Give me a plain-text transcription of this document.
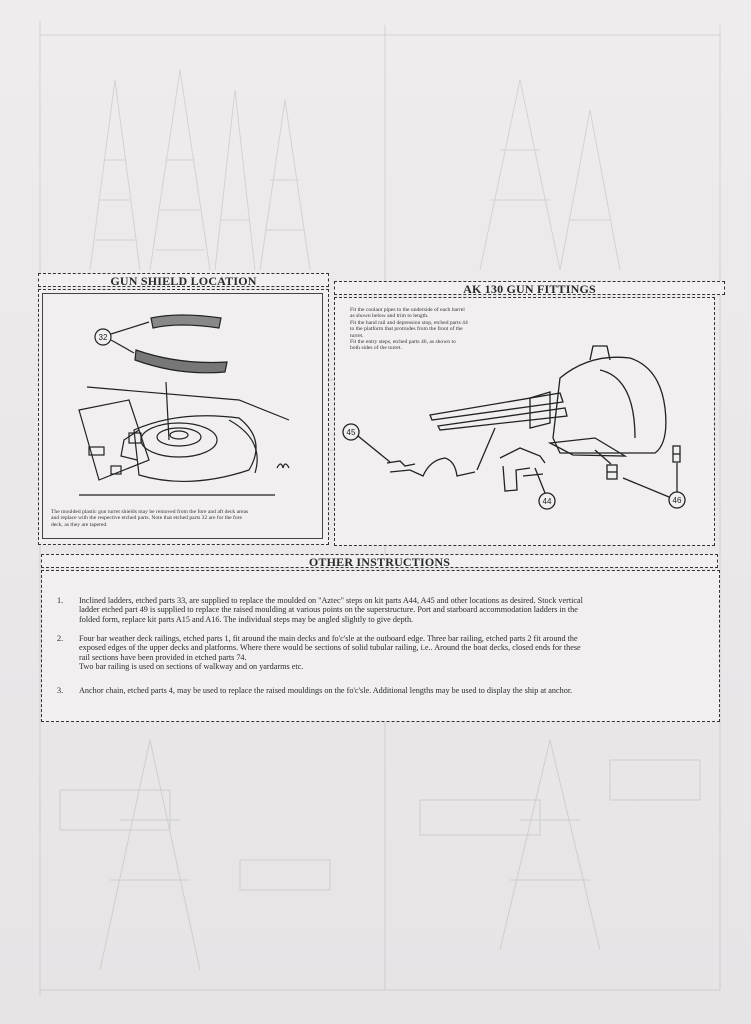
GUN SHIELD LOCATION
32
The moulded plastic gun turret shields may be removed from the fore and aft deck areas
and replace with the respective etched parts. Note that etched parts 32 are for the fore
deck, as they are tapered.
AK 130 GUN FITTINGS
Fit the coolant pipes to the underside of each barrel
as shown below and trim to length.
Fit the hand rail and depression stop, etched parts 44
to the platform that protrudes from the front of the
turret.
Fit the entry steps, etched parts 46, as shown to
both sides of the turret.
45
44	46
OTHER INSTRUCTIONS
1.	Inclined ladders, etched parts 33, are supplied to replace the moulded on "Aztec" steps on kit parts A44, A45 and other locations as desired. Stock vertical
ladder etched part 49 is supplied to replace the raised moulding at various points on the superstructure. Port and starboard accommodation ladders in the
folded form, replace kit parts A15 and A16. The individual steps may be angled slightly to give depth.
2.	Four bar weather deck railings, etched parts 1, fit around the main decks and fo'c'sle at the outboard edge. Three bar railing, etched parts 2 fit around the
exposed edges of the upper decks and platforms. Where there would be sections of solid tubular railing, i.e.. Around the boat decks, closed ends for these
rail sections have been provided in etched parts 74.
Two bar railing is used on sections of walkway and on yardarms etc.
3.	Anchor chain, etched parts 4, may be used to replace the raised mouldings on the fo'c'sle. Additional lengths may be used to display the ship at anchor.
